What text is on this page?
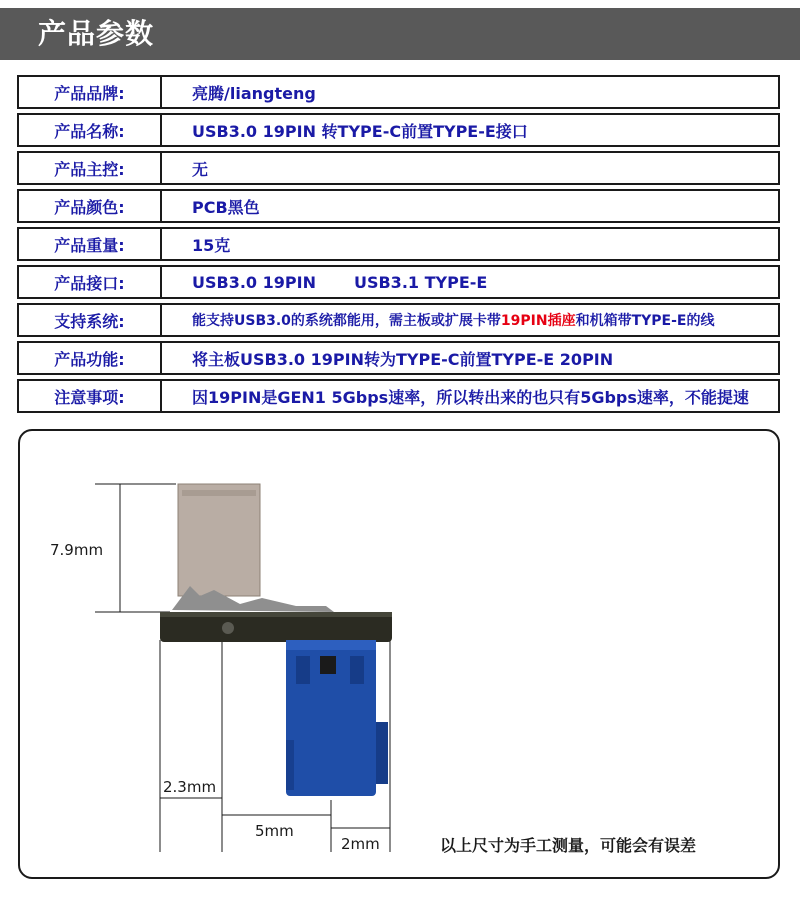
产品参数
产品品牌:	亮腾/liangteng
产品名称:	USB3.0 19PIN 转TYPE-C前置TYPE-E接口
产品主控:	无
产品颜色:	PCB黑色
产品重量:	15克
产品接口:	USB3.0 19PIN USB3.1 TYPE-E
支持系统:	能支持USB3.0的系统都能用，需主板或扩展卡带19PIN插座和机箱带TYPE-E的线
产品功能:	将主板USB3.0 19PIN转为TYPE-C前置TYPE-E 20PIN
注意事项:	因19PIN是GEN1 5Gbps速率，所以转出来的也只有5Gbps速率，不能提速
7.9mm
2.3mm
5mm
2mm	以上尺寸为手工测量，可能会有误差
